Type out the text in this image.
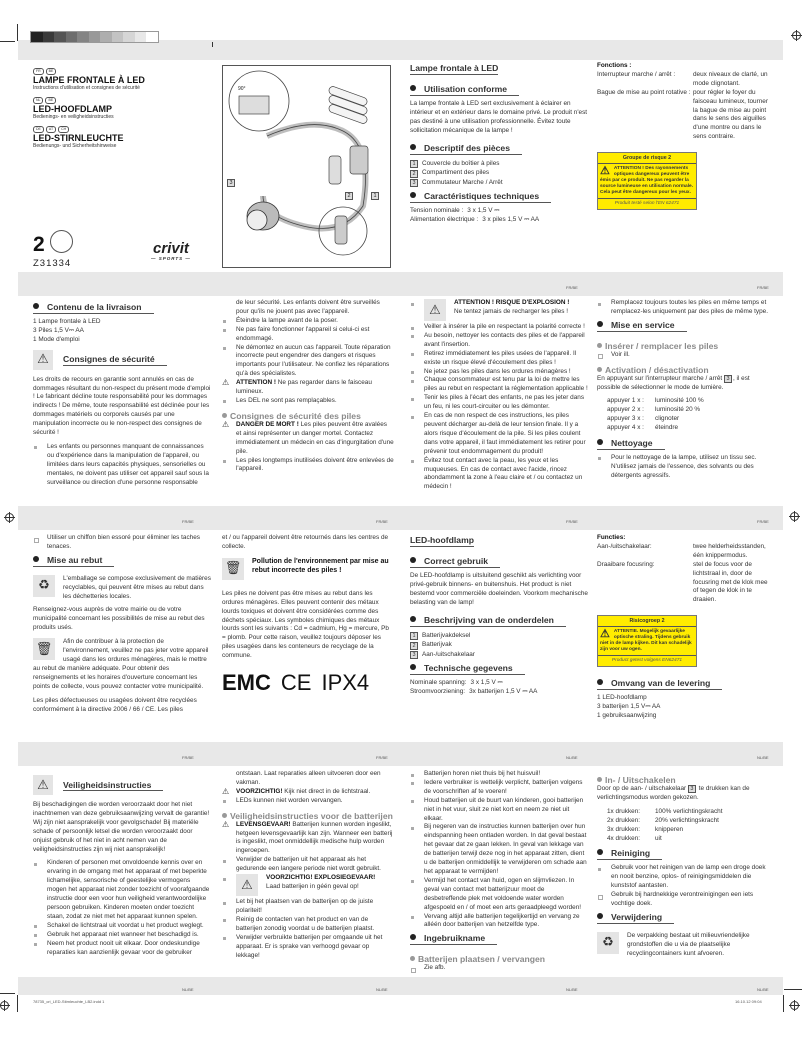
FR	BE
LAMPE FRONTALE À LED
Instructions d'utilisation et consignes de sécurité
NL	BE
LED-HOOFDLAMP
Bedienings- en veiligheidsinstructies
DE	AT	CH
LED-STIRNLEUCHTE
Bedienungs- und Sicherheitshinweise
2
Z31334
crivit
— SPORTS —
90°
1
2
3
Lampe frontale à LED
Utilisation conforme

La lampe frontale à LED sert exclusivement à éclairer en intérieur et en extérieur dans le domaine privé. Le produit n'est pas destiné à une utilisation professionnelle. Évitez toute sollicitation mécanique de la lampe !
Descriptif des pièces

1	Couvercle du boîtier à piles
2	Compartiment des piles
3	Commutateur Marche / Arrêt
Caractéristiques techniques

Tension nominale : 3 x 1,5 V ⎓
Alimentation électrique : 3 x piles 1,5 V ⎓ AA
Fonctions :
Interrupteur marche / arrêt :	deux niveaux de clarté, un mode clignotant.
Bague de mise au point rotative : pour régler le foyer du faisceau lumineux, tourner la bague de mise au point dans le sens des aiguilles d'une montre ou dans le sens contraire.
Groupe de risque 2
⚠ ATTENTION ! Des rayonnements optiques dangereux peuvent être émis par ce produit. Ne pas regarder la source lumineuse en utilisation normale. Cela peut être dangereux pour les yeux.
Produit testé selon l'EN 62471
Contenu de la livraison

1 Lampe frontale à LED
3 Piles 1,5 V⎓ AA
1 Mode d'emploi
⚠	Consignes de sécurité
Les droits de recours en garantie sont annulés en cas de dommages résultant du non-respect du présent mode d'emploi ! Le fabricant décline toute responsabilité pour les dommages indirects ! De même, toute responsabilité est déclinée pour les dommages matériels ou corporels causés par une manipulation incorrecte ou le non-respect des consignes de sécurité !
Les enfants ou personnes manquant de connaissances ou d'expérience dans la manipulation de l'appareil, ou limitées dans leurs capacités physiques, sensorielles ou mentales, ne doivent pas utiliser cet appareil sauf sous la surveillance ou direction d'une personne responsable
de leur sécurité. Les enfants doivent être surveillés pour qu'ils ne jouent pas avec l'appareil.
Éteindre la lampe avant de la poser.
Ne pas faire fonctionner l'appareil si celui-ci est endommagé.
Ne démontez en aucun cas l'appareil. Toute réparation incorrecte peut engendrer des dangers et risques importants pour l'utilisateur. Ne confiez les réparations qu'à des spécialistes.
⚠ ATTENTION ! Ne pas regarder dans le faisceau lumineux.
Les DEL ne sont pas remplaçables.
Consignes de sécurité des piles
⚠ DANGER DE MORT ! Les piles peuvent être avalées et ainsi représenter un danger mortel. Contactez immédiatement un médecin en cas d'ingurgitation d'une pile.
Les piles longtemps inutilisées doivent être enlevées de l'appareil.
⚠	ATTENTION ! RISQUE D'EXPLOSION !
Ne tentez jamais de recharger les piles !
Veiller à insérer la pile en respectant la polarité correcte !
Au besoin, nettoyer les contacts des piles et de l'appareil avant l'insertion.
Retirez immédiatement les piles usées de l'appareil. Il existe un risque élevé d'écoulement des piles !
Ne jetez pas les piles dans les ordures ménagères !
Chaque consommateur est tenu par la loi de mettre les piles au rebut en respectant la réglementation applicable !
Tenir les piles à l'écart des enfants, ne pas les jeter dans un feu, ni les court-circuiter ou les démonter.
En cas de non respect de ces instructions, les piles peuvent décharger au-delà de leur tension finale. Il y a alors risque d'écoulement de la pile. Si les piles coulent dans votre appareil, il faut immédiatement les retirer pour prévenir tout endommagement du produit!
Évitez tout contact avec la peau, les yeux et les muqueuses. En cas de contact avec l'acide, rincez abondamment la zone à l'eau claire et / ou contactez un médecin !
Remplacez toujours toutes les piles en même temps et remplacez-les uniquement par des piles de même type.
Mise en service

Insérer / remplacer les piles
Voir ill.
Activation / désactivation
En appuyant sur l'interrupteur marche / arrêt 3 , il est possible de sélectionner le mode de lumière.
appuyer 1 x :	luminosité 100 %
appuyer 2 x :	luminosité 20 %
appuyer 3 x :	clignoter
appuyer 4 x :	éteindre
Nettoyage

Pour le nettoyage de la lampe, utilisez un tissu sec. N'utilisez jamais de l'essence, des solvants ou des détergents agressifs.
Utiliser un chiffon bien essoré pour éliminer les taches tenaces.
Mise au rebut

♻	L'emballage se compose exclusivement de matières recyclables, qui peuvent être mises au rebut dans les déchetteries locales.
Renseignez-vous auprès de votre mairie ou de votre municipalité concernant les possibilités de mise au rebut des produits usés.
🗑	Afin de contribuer à la protection de l'environnement, veuillez ne pas jeter votre appareil usagé dans les ordures ménagères, mais le mettre au rebut de manière adéquate. Pour obtenir des renseignements et les horaires d'ouverture concernant les points de collecte, vous pouvez contacter votre municipalité.
Les piles défectueuses ou usagées doivent être recyclées conformément à la directive 2006 / 66 / CE. Les piles
et / ou l'appareil doivent être retournés dans les centres de collecte.
🗑	Pollution de l'environnement par mise au rebut incorrecte des piles !
Les piles ne doivent pas être mises au rebut dans les ordures ménagères. Elles peuvent contenir des métaux lourds toxiques et doivent être considérées comme des déchets spéciaux. Les symboles chimiques des métaux lourds sont les suivants : Cd = cadmium, Hg = mercure, Pb = plomb. Pour cette raison, veuillez toujours déposer les piles usagées dans les conteneurs de recyclage de la commune.
EMC CE IPX4
LED-hoofdlamp
Correct gebruik

De LED-hoofdlamp is uitsluitend geschikt als verlichting voor privé-gebruik binnens- en buitenshuis. Het product is niet bestemd voor commerciële doeleinden. Voorkom mechanische belasting van de lamp!
Beschrijving van de onderdelen

1	Batterijvakdeksel
2	Batterijvak
3	Aan-/uitschakelaar
Technische gegevens

Nominale spanning: 3 x 1,5 V ⎓
Stroomvoorziening: 3x batterijen 1,5 V ⎓ AA
Functies:
Aan-/uitschakelaar:	twee helderheidsstanden, één knippermodus.
Draaibare focusring:	stel de focus voor de lichtstraal in, door de focusring met de klok mee of tegen de klok in te draaien.
Risicogroep 2
⚠ ATTENTIE. Mogelijk gevaarlijke optische straling. Tijdens gebruik niet in de lamp kijken. Dit kan schadelijk zijn voor uw ogen.
Product getest volgens EN62471
Omvang van de levering

1 LED-hoofdlamp
3 batterijen 1,5 V⎓ AA
1 gebruiksaanwijzing
⚠	Veiligheidsinstructies
Bij beschadigingen die worden veroorzaakt door het niet inachtnemen van deze gebruiksaanwijzing vervalt de garantie! Wij zijn niet aansprakelijk voor gevolgschade! Bij materiële schade of persoonlijk letsel die worden veroorzaakt door onjuist gebruik of het niet in acht nemen van de veiligheidsinstructies zijn wij niet aansprakelijk!
Kinderen of personen met onvoldoende kennis over en ervaring in de omgang met het apparaat of met beperkte lichamelijke, sensorische of geestelijke vermogens mogen het apparaat niet zonder toezicht of voorafgaande instructie door een voor hun veiligheid verantwoordelijke persoon gebruiken. Kinderen moeten onder toezicht staan, zodat ze niet met het apparaat kunnen spelen.
Schakel de lichtstraal uit voordat u het product weglegt.
Gebruik het apparaat niet wanneer het beschadigd is.
Neem het product nooit uit elkaar. Door ondeskundige reparaties kan aanzienlijk gevaar voor de gebruiker
ontstaan. Laat reparaties alleen uitvoeren door een vakman.
⚠ VOORZICHTIG! Kijk niet direct in de lichtstraal.
LEDs kunnen niet worden vervangen.
Veiligheidsinstructies voor de batterijen
⚠ LEVENSGEVAAR! Batterijen kunnen worden ingeslikt, hetgeen levensgevaarlijk kan zijn. Wanneer een batterij is ingeslikt, moet onmiddellijk medische hulp worden ingeroepen.
Verwijder de batterijen uit het apparaat als het gedurende een langere periode niet wordt gebruikt.
⚠	VOORZICHTIG! EXPLOSIEGEVAAR!
Laad batterijen in géén geval op!
Let bij het plaatsen van de batterijen op de juiste polariteit!
Reinig de contacten van het product en van de batterijen zonodig voordat u de batterijen plaatst.
Verwijder verbruikte batterijen per omgaande uit het apparaat. Er is sprake van verhoogd gevaar op lekkage!
Batterijen horen niet thuis bij het huisvuil!
Iedere verbruiker is wettelijk verplicht, batterijen volgens de voorschriften af te voeren!
Houd batterijen uit de buurt van kinderen, gooi batterijen niet in het vuur, sluit ze niet kort en neem ze niet uit elkaar.
Bij negeren van de instructies kunnen batterijen over hun eindspanning heen ontladen worden. In dat geval bestaat het gevaar dat ze gaan lekken. In geval van lekkage van de batterijen terwijl deze nog in het apparaat zitten, dient u de batterijen onmiddellijk te verwijderen om schade aan het apparaat te vermijden!
Vermijd het contact van huid, ogen en slijmvliezen. In geval van contact met batterijzuur moet de desbetreffende plek met voldoende water worden afgespoeld en / of moet een arts geraadpleegd worden!
Vervang altijd alle batterijen tegelijkertijd en vervang ze alléén door batterijen van hetzelfde type.
Ingebruikname

Batterijen plaatsen / vervangen
Zie afb.
In- / Uitschakelen
Door op de aan- / uitschakelaar 3 te drukken kan de verlichtingsmodus worden gekozen.
1x drukken:	100% verlichtingskracht
2x drukken:	20% verlichtingskracht
3x drukken:	knipperen
4x drukken:	uit
Reiniging

Gebruik voor het reinigen van de lamp een droge doek en nooit benzine, oplos- of reinigingsmiddelen die kunststof aantasten.
Gebruik bij hardnekkige verontreinigingen een iets vochtige doek.
Verwijdering

♻	De verpakking bestaat uit milieuvriendelijke grondstoffen die u via de plaatselijke recyclingcontainers kunt afvoeren.
78735_cri_LED-Stirnleuchte_LB2.indd 1	16.10.12 09:04
FR/BE	FR/BE
FR/BE	FR/BE	FR/BE	FR/BE
FR/BE	FR/BE	NL/BE	NL/BE
NL/BE	NL/BE	NL/BE	NL/BE
